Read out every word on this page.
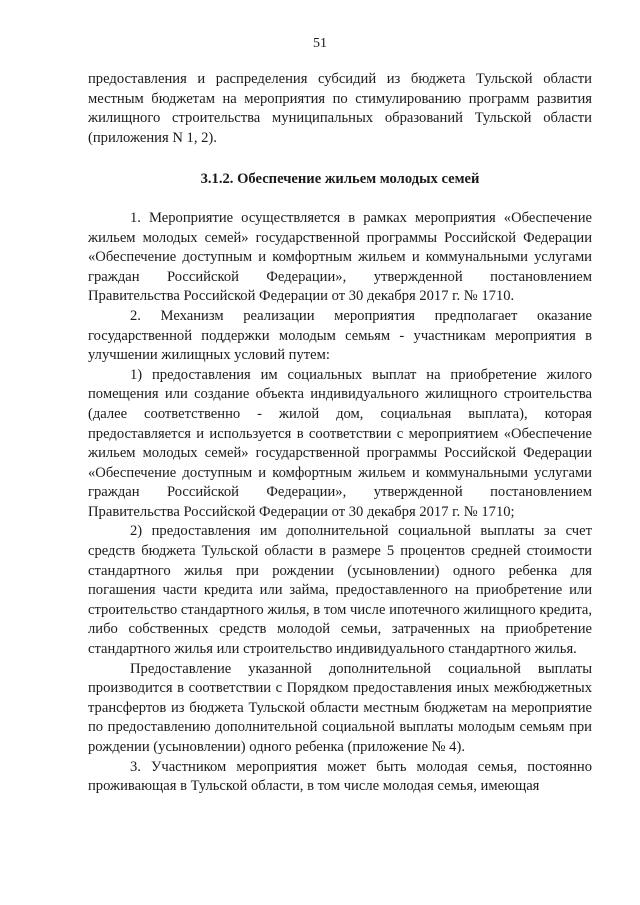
51

предоставления и распределения субсидий из бюджета Тульской области местным бюджетам на мероприятия по стимулированию программ развития жилищного строительства муниципальных образований Тульской области (приложения N 1, 2).

3.1.2. Обеспечение жильем молодых семей

1. Мероприятие осуществляется в рамках мероприятия «Обеспечение жильем молодых семей» государственной программы Российской Федерации «Обеспечение доступным и комфортным жильем и коммунальными услугами граждан Российской Федерации», утвержденной постановлением Правительства Российской Федерации от 30 декабря 2017 г. № 1710.

2. Механизм реализации мероприятия предполагает оказание государственной поддержки молодым семьям - участникам мероприятия в улучшении жилищных условий путем:

1) предоставления им социальных выплат на приобретение жилого помещения или создание объекта индивидуального жилищного строительства (далее соответственно - жилой дом, социальная выплата), которая предоставляется и используется в соответствии с мероприятием «Обеспечение жильем молодых семей» государственной программы Российской Федерации «Обеспечение доступным и комфортным жильем и коммунальными услугами граждан Российской Федерации», утвержденной постановлением Правительства Российской Федерации от 30 декабря 2017 г. № 1710;

2) предоставления им дополнительной социальной выплаты за счет средств бюджета Тульской области в размере 5 процентов средней стоимости стандартного жилья при рождении (усыновлении) одного ребенка для погашения части кредита или займа, предоставленного на приобретение или строительство стандартного жилья, в том числе ипотечного жилищного кредита, либо собственных средств молодой семьи, затраченных на приобретение стандартного жилья или строительство индивидуального стандартного жилья.

Предоставление указанной дополнительной социальной выплаты производится в соответствии с Порядком предоставления иных межбюджетных трансфертов из бюджета Тульской области местным бюджетам на мероприятие по предоставлению дополнительной социальной выплаты молодым семьям при рождении (усыновлении) одного ребенка (приложение № 4).

3. Участником мероприятия может быть молодая семья, постоянно проживающая в Тульской области, в том числе молодая семья, имеющая
